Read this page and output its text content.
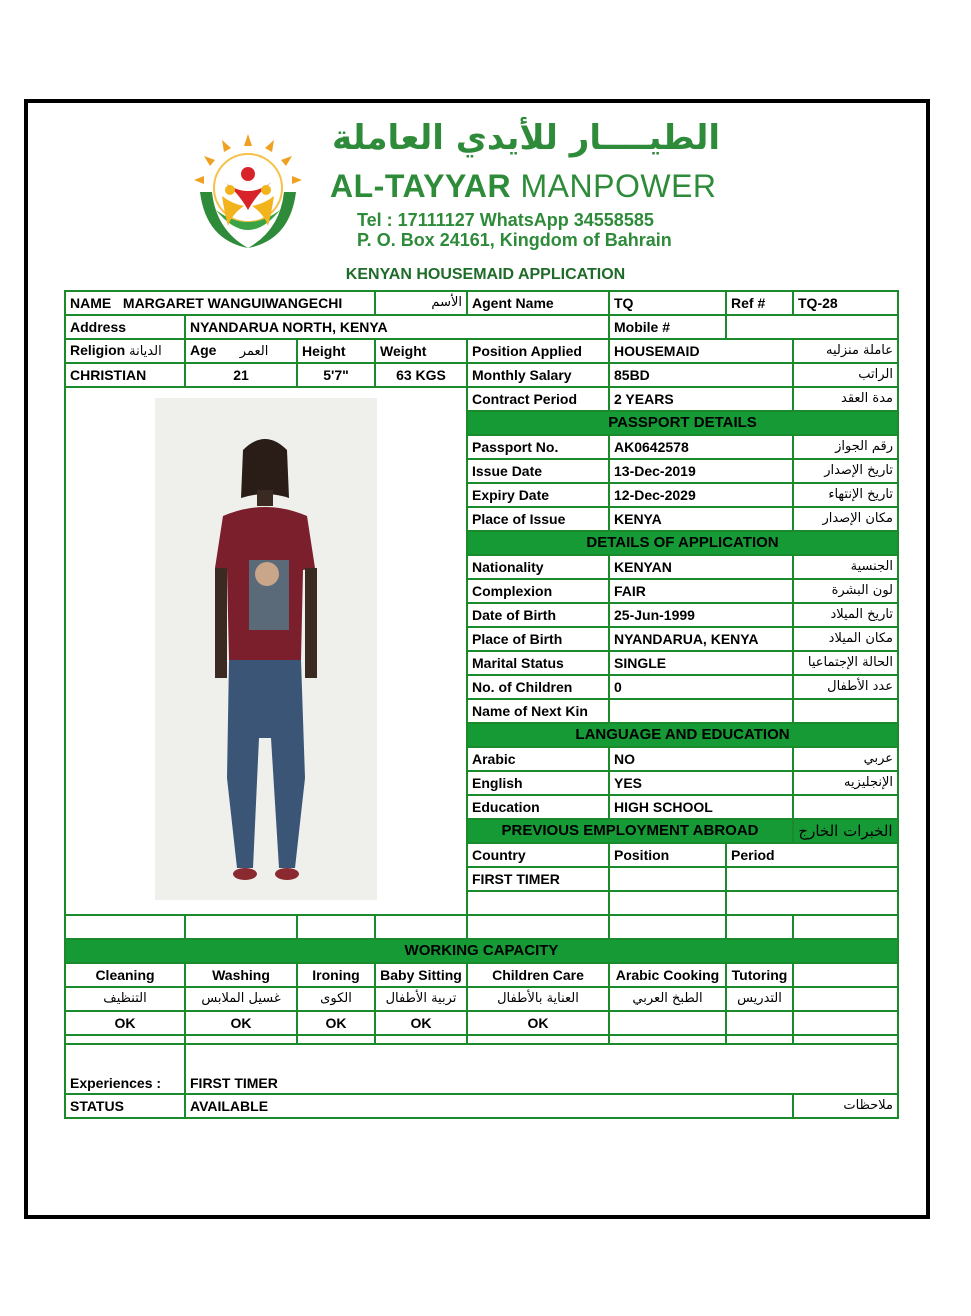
الطيــــار للأيدي العاملة
AL-TAYYAR MANPOWER
Tel : 17111127 WhatsApp 34558585
P. O. Box 24161, Kingdom of Bahrain
KENYAN HOUSEMAID APPLICATION
NAME MARGARET WANGUIWANGECHI			الأسم	Agent Name	TQ	Ref #	TQ-28
Address	NYANDARUA NORTH, KENYA				Mobile #		
Religion الديانة	Age العمر	Height	Weight	Position Applied	HOUSEMAID		عاملة منزليه
CHRISTIAN	21	5'7"	63 KGS	Monthly Salary	85BD		الراتب
	Contract Period	2 YEARS		مدة العقد
				PASSPORT DETAILS			
				Passport No.	AK0642578		رقم الجواز
				Issue Date	13-Dec-2019		تاريخ الإصدار
				Expiry Date	12-Dec-2029		تاريخ الإنتهاء
				Place of Issue	KENYA		مكان الإصدار
				DETAILS OF APPLICATION			
				Nationality	KENYAN		الجنسية
				Complexion	FAIR		لون البشرة
				Date of Birth	25-Jun-1999		تاريخ الميلاد
				Place of Birth	NYANDARUA, KENYA		مكان الميلاد
				Marital Status	SINGLE		الحالة الإجتماعيا
				No. of Children	0		عدد الأطفال
				Name of Next Kin			
				LANGUAGE AND EDUCATION			
				Arabic	NO		عربي
				English	YES		الإنجليزيه
				Education	HIGH SCHOOL		
				PREVIOUS EMPLOYMENT ABROAD			الخبرات الخارج
				Country	Position	Period	
				FIRST TIMER			

WORKING CAPACITY							
Cleaning	Washing	Ironing	Baby Sitting	Children Care	Arabic Cooking	Tutoring	
التنظيف	غسيل الملابس	الكوى	تربية الأطفال	العناية بالأطفال	الطبخ العربي	التدريس	
OK	OK	OK	OK	OK			

Experiences :	FIRST TIMER						
STATUS	AVAILABLE						ملاحظات
